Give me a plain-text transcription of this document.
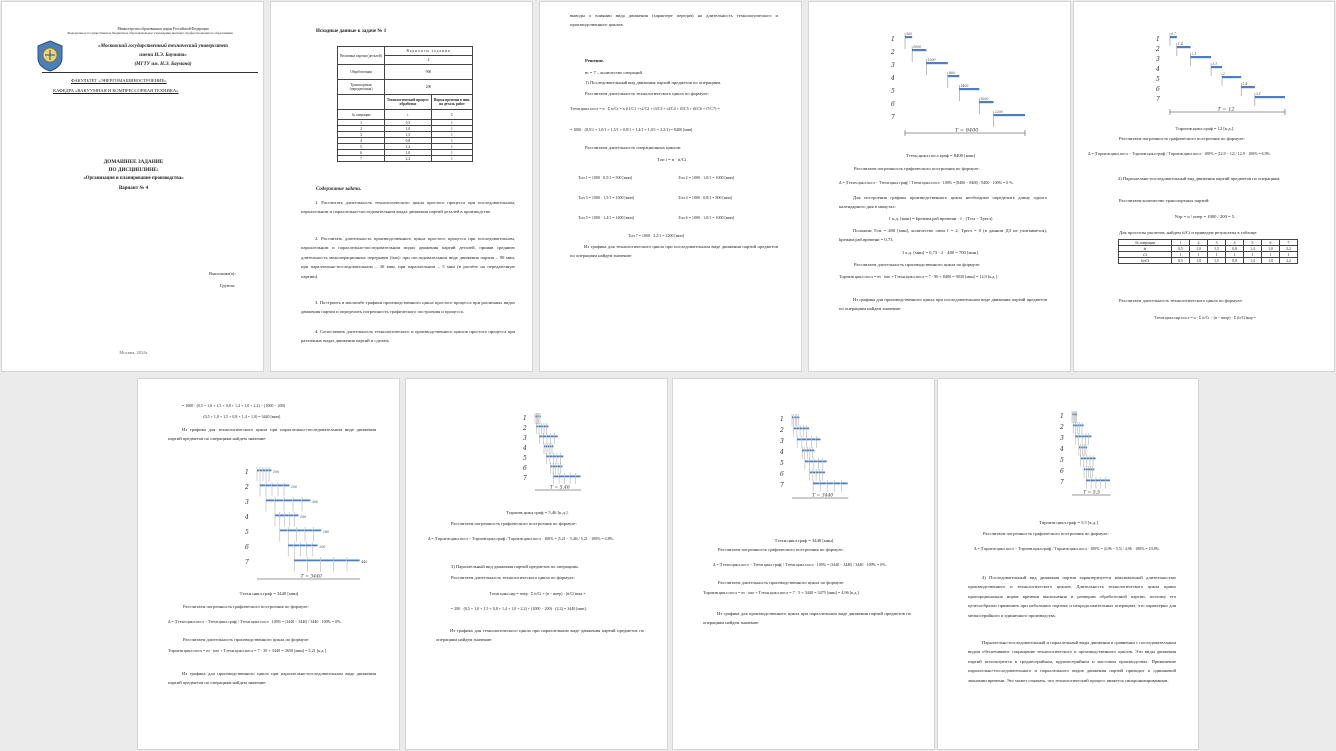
Министерство образования и науки Российской Федерации
Федеральное государственное бюджетное образовательное учреждение высшего профессионального образования
«Московский государственный технический университет
имени Н.Э. Баумана»
(МГТУ им. Н.Э. Баумана)
ФАКУЛЬТЕТ «ЭНЕРГОМАШИНОСТРОЕНИЕ»
КАФЕДРА «ВАКУУМНАЯ И КОМПРЕССОРНАЯ ТЕХНИКА»
ДОМАШНЕЕ ЗАДАНИЕ
ПО ДИСЦИПЛИНЕ:
«Организация и планирование производства»
Вариант № 4
Выполнил(а):
Группа:
Москва, 2024г
Исходные данные к задаче № 1
Величина партии (деталей)	Варианты задания	
	4	
Обработочная	900	
Транспортная (передаточная)	200	
	Технологический процесс обработки	Норма времени в мин. на деталь работ
№ операции	t	С
1	0,5	1
2	1,0	1
3	1,5	1
4	0,8	1
5	1,4	1
6	1,0	1
7	2,2	1
Содержание задачи.
1. Рассчитать длительность технологического цикла простого процесса при последовательном, параллельном и параллельно-последовательном видах движения партий деталей в производстве.
2. Рассчитать длительность производственного цикла простого процесса при последовательном, параллельном и параллельно-последовательном видах движения партий деталей, приняв среднюю длительность межоперационных перерывов (tмо): при последовательном виде движения партии – 90 мин, при параллельно-последовательном – 30 мин, при параллельном – 5 мин (в расчёте на передаточную партию).
3. Построить в масштабе графики производственного цикла простого процесса при различных видах движения партии и определить погрешность графического построения и процесса.
4. Сопоставить длительность технологического и производственного циклов простого процесса при различных видах движения партий и сделать
выводы о влиянии вида движения (характере передач) на длительность технологического и производственного циклов.
Решение.
m = 7 – количество операций.
1) Последовательный вид движения партий предметов по операциям.
Рассчитаем длительность технологического цикла по формуле:
Tтехн.цикл.посл = n · Σ ti/Ci = n·(t1/C1 + t2/C2 + t3/C3 + t4/C4 + t5/C5 + t6/C6 + t7/C7) =
= 1000 · (0,5/1 + 1,0/1 + 1,5/1 + 0,8/1 + 1,4/1 + 1,0/1 + 2,2/1) = 8400 [мин].
Рассчитаем длительность операционных циклов:
Tоп i = n · ti/Ci
Tоп 1 = 1000 · 0,5/1 = 500 [мин]	Tоп 2 = 1000 · 1,0/1 = 1000 [мин]
Tоп 3 = 1000 · 1,5/1 = 1500 [мин]	Tоп 4 = 1000 · 0,8/1 = 800 [мин]
Tоп 5 = 1000 · 1,4/1 = 1400 [мин]	Tоп 6 = 1000 · 1,0/1 = 1000 [мин]
Tоп 7 = 1000 · 2,2/1 = 2200 [мин]
Из графика для технологического цикла при последовательном виде движения партий предметов по операциям найдем значение:
1
500
2
1000
3
1500
4
800
5
1400
6
1000
7
2200
T = 8400
Tтехн.цикл.посл.граф = 8400 [мин]
Рассчитаем погрешность графического построения по формуле:
Δ = |Tтехн.цикл.посл − Tтехн.цикл.граф| / Tтехн.цикл.посл · 100% = |8400 − 8400| / 8400 · 100% = 0 %.
Для построения графика производственного цикла необходимо определить длину одного календарного дня в минутах:
1 к.д. [мин] = kрежим.раб.времени · f · (Tсм − Tрегл)
Положим Tсм = 480 [мин], количество смен f = 2, Tрегл = 0 (в данном ДЗ не учитывается), kрежим.раб.времени = 0,73.
1 к.д. [мин] = 0,73 · 2 · 480 = 700 [мин].
Рассчитаем длительность производственного цикла по формуле:
Tпроизв.цикл.посл = m · tмо + Tтехн.цикл.посл = 7 · 90 + 8400 = 9030 [мин] = 12,9 [к.д.].
Из графика для производственного цикла при последовательном виде движения партий предметов по операциям найдем значение:
1
0,7
2
1,4
3
2,1
4
1,1
5
2
6
1,4
7
3,1
T = 12
Tпроизв.цикл.граф = 12 [к.д.].
Рассчитаем погрешность графического построения по формуле:
Δ = |Tпроизв.цикл.посл − Tпроизв.цикл.граф| / Tпроизв.цикл.посл · 100% = |12,9 − 12| / 12,9 · 100% = 6,9%.
2) Параллельно-последовательный вид движения партий предметов по операциям.
Рассчитаем количество транспортных партий:
Nтр = n / nпер = 1000 / 200 = 5.
Для простоты расчетов, найдем ti/Ci и приведем результаты в таблице:
№ операции	1	2	3	4	5	6	7
ti	0,5	1,0	1,5	0,8	1,4	1,0	2,2
Ci	1	1	1	1	1	1	1
ti/Ci	0,5	1,0	1,5	0,8	1,4	1,0	2,2
Рассчитаем длительность технологического цикла по формуле:
Tтехн.цикл.пар.посл = n · Σ ti/Ci − (n − nпер) · Σ (ti/Ci)кор =
= 1000 · (0,5 + 1,0 + 1,5 + 0,8 + 1,4 + 1,0 + 2,2) − (1000 − 200)
· (0,5 + 1,0 + 1,5 + 0,8 + 1,4 + 1,0) = 3440 [мин].
Из графика для технологического цикла при параллельно-последовательном виде движения партий предметов по операциям найдем значение:
1	100
2	200
3	300
4	160
5	280
6	200
7	440
T = 3440
Tтехн.цикл.граф = 3440 [мин].
Рассчитаем погрешность графического построения по формуле:
Δ = |Tтехн.цикл.посл − Tтехн.цикл.граф| / Tтехн.цикл.посл · 100% = |3440 − 3440| / 3440 · 100% = 0%.
Рассчитаем длительность производственного цикла по формуле:
Tпроизв.цикл.посл = m · tмо + Tтехн.цикл.посл = 7 · 30 + 3440 = 3650 [мин] = 5,21 [к.д.].
Из графика для производственного цикла при параллельно-последовательном виде движения партий предметов по операциям найдем значение:
1
2
3
4
5
6
7
T = 5,46
Tпроизв.цикл.граф = 5,46 [к.д.].
Рассчитаем погрешность графического построения по формуле:
Δ = |Tпроизв.цикл.посл − Tпроизв.цикл.граф| / Tпроизв.цикл.посл · 100% = |5,21 − 5,46| / 5,21 · 100% = 4,8%.
3) Параллельный вид движения партий предметов по операциям.
Рассчитаем длительность технологического цикла по формуле:
Tтехн.цикл.пар = nпер · Σ ti/Ci + (n − nпер) · (ti/Ci)max =
= 200 · (0,5 + 1,0 + 1,5 + 0,8 + 1,4 + 1,0 + 2,2) + (1000 − 200) · (2,2) = 3440 [мин].
Из графика для технологического цикла при параллельном виде движения партий предметов по операциям найдем значение:
1
2
3
4
5
6
7
T = 3440
Tтехн.цикл.граф = 3440 [мин].
Рассчитаем погрешность графического построения по формуле:
Δ = |Tтехн.цикл.посл − Tтехн.цикл.граф| / Tтехн.цикл.посл · 100% = |3440 − 3440| / 3440 · 100% = 0%.
Рассчитаем длительность производственного цикла по формуле:
Tпроизв.цикл.посл = m · tмо + Tтехн.цикл.посл = 7 · 5 + 3440 = 3475 [мин] = 4,96 [к.д.].
Из графика для производственного цикла при параллельном виде движения партий предметов по операциям найдем значение:
1
2
3
4
5
6
7
T = 5,5
Tпроизв.цикл.граф = 5,5 [к.д.].
Рассчитаем погрешность графического построения по формуле:
Δ = |Tпроизв.цикл.посл − Tпроизв.цикл.граф| / Tпроизв.цикл.посл · 100% = |4,96 − 5,5| / 4,96 · 100% = 10,8%.
4) Последовательный вид движения партии характеризуется максимальной длительностью производственного и технологического циклов. Длительность технологического цикла прямо пропорциональна норме времени выполнения и размерам обработочной партии, поэтому его целесообразно применять при небольших партиях и непродолжительных операциях, что характерно для мелкосерийного и единичного производства.
Параллельно-последовательный и параллельный виды движения в сравнении с последовательным видом обеспечивают сокращение технологического и производственного циклов. Эти виды движения партий используются в среднесерийном, крупносерийном и массовом производствах. Применение параллельно-последовательного и параллельного видов движения партий приводит к одинаковой экономии времени. Это может означать, что технологический процесс является синхронизированным.
